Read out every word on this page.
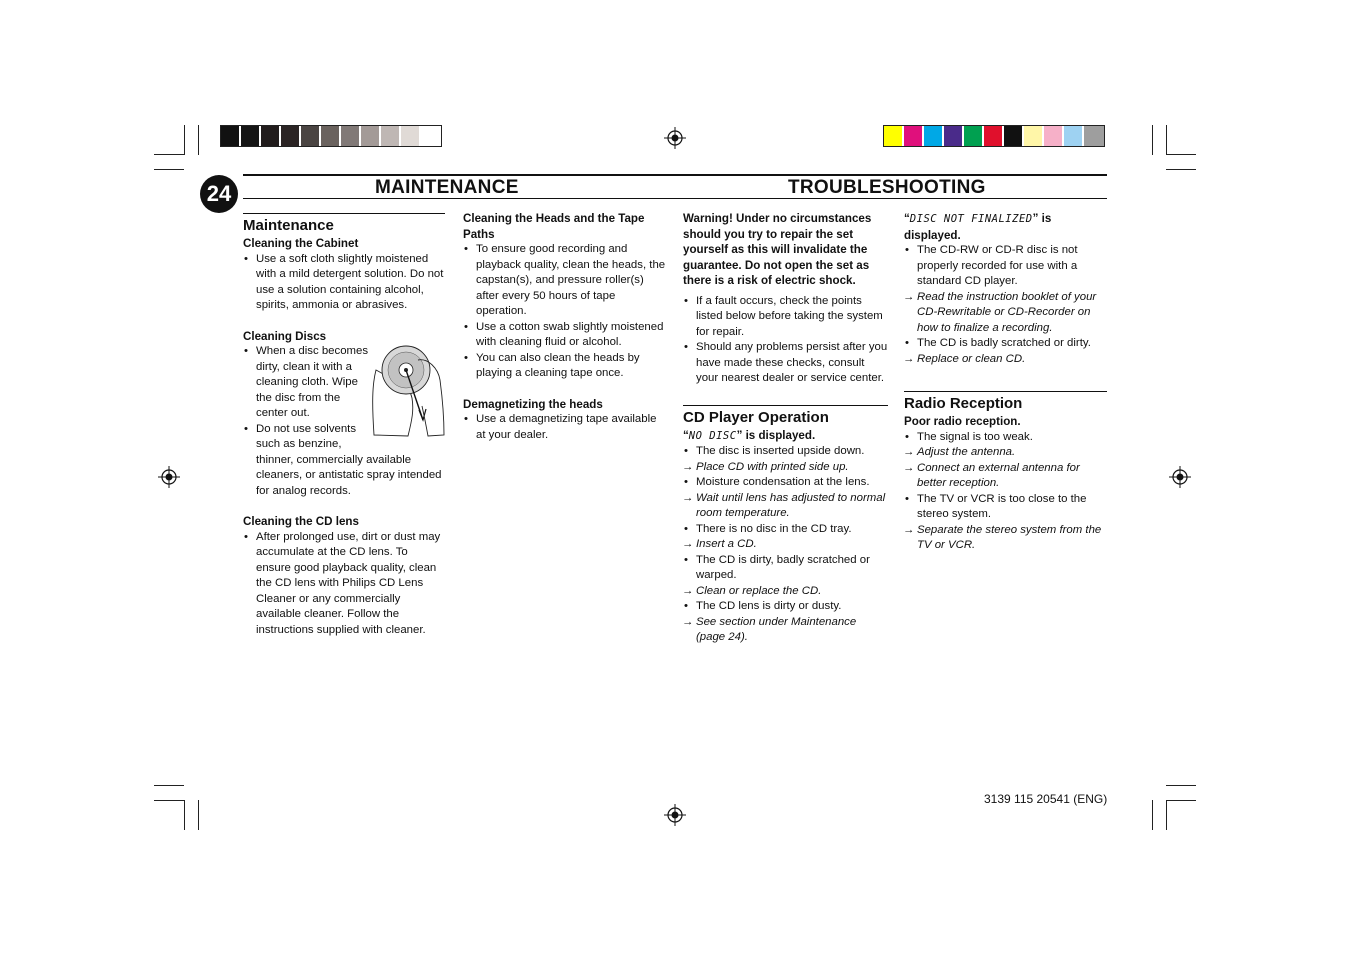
24	MAINTENANCE	TROUBLESHOOTING

Maintenance

Cleaning the Cabinet

• Use a soft cloth slightly moistened with a mild detergent solution. Do not use a solution containing alcohol, spirits, ammonia or abrasives.

Cleaning Discs

• When a disc becomes dirty, clean it with a cleaning cloth. Wipe the disc from the center out.
• Do not use solvents such as benzine,
thinner, commercially available cleaners, or antistatic spray intended for analog records.

Cleaning the CD lens

• After prolonged use, dirt or dust may accumulate at the CD lens. To ensure good playback quality, clean the CD lens with Philips CD Lens Cleaner or any commercially available cleaner. Follow the instructions supplied with cleaner.

Cleaning the Heads and the Tape Paths

• To ensure good recording and playback quality, clean the heads, the capstan(s), and pressure roller(s) after every 50 hours of tape operation.
• Use a cotton swab slightly moistened with cleaning fluid or alcohol.
• You can also clean the heads by playing a cleaning tape once.

Demagnetizing the heads

• Use a demagnetizing tape available at your dealer.

Warning! Under no circumstances should you try to repair the set yourself as this will invalidate the guarantee. Do not open the set as there is a risk of electric shock.

• If a fault occurs, check the points listed below before taking the system for repair.
• Should any problems persist after you have made these checks, consult your nearest dealer or service center.

CD Player Operation

“NO DISC” is displayed.

• The disc is inserted upside down.
→ Place CD with printed side up.
• Moisture condensation at the lens.
→ Wait until lens has adjusted to normal room temperature.
• There is no disc in the CD tray.
→ Insert a CD.
• The CD is dirty, badly scratched or warped.
→ Clean or replace the CD.
• The CD lens is dirty or dusty.
→ See section under Maintenance (page 24).

“DISC NOT FINALIZED” is displayed.

• The CD-RW or CD-R disc is not properly recorded for use with a standard CD player.
→ Read the instruction booklet of your CD-Rewritable or CD-Recorder on how to finalize a recording.
• The CD is badly scratched or dirty.
→ Replace or clean CD.

Radio Reception

Poor radio reception.

• The signal is too weak.
→ Adjust the antenna.
→ Connect an external antenna for better reception.
• The TV or VCR is too close to the stereo system.
→ Separate the stereo system from the TV or VCR.
3139 115 20541 (ENG)
